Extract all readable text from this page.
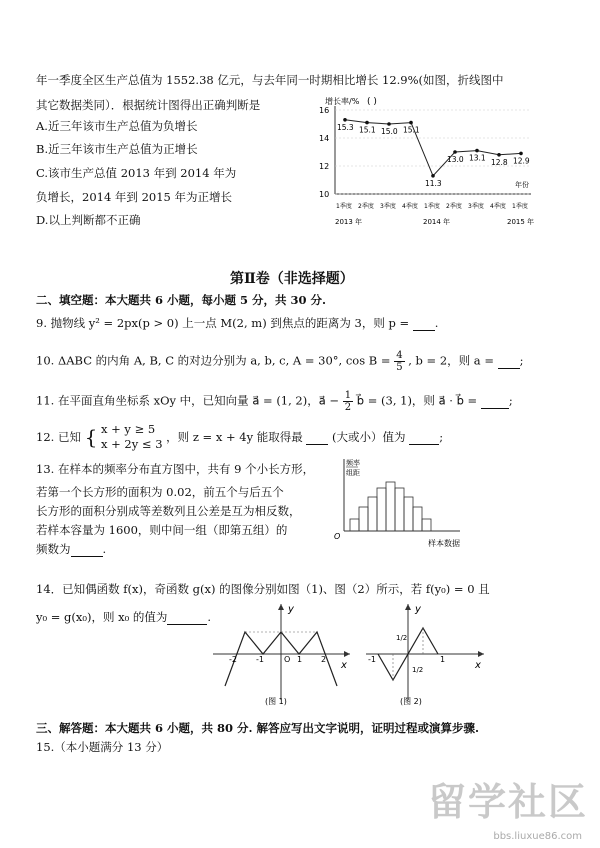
年一季度全区生产总值为 1552.38 亿元，与去年同一时期相比增长 12.9%(如图，折线图中
其它数据类同）．根据统计图得出正确判断是
A.近三年该市生产总值为负增长
B.近三年该市生产总值为正增长
C.该市生产总值 2013 年到 2014 年为
负增长，2014 年到 2015 年为正增长
D.以上判断都不正确
增长率/% ( )
16
14
12
10
15.3 15.1 15.0 15.1
11.3
13.0 13.1 12.8 12.9
1季度 2季度 3季度 4季度 1季度 2季度 3季度 4季度 1季度
年份
2013 年	2014 年	2015 年
第Ⅱ卷（非选择题）
二、填空题：本大题共 6 小题，每小题 5 分，共 30 分.
9. 抛物线 y² = 2px(p > 0) 上一点 M(2, m) 到焦点的距离为 3，则 p = .
10. ΔABC 的内角 A, B, C 的对边分别为 a, b, c, A = 30°, $\cos B = \frac{4}{5}$ , b = 2，则 a = ;
11. 在平面直角坐标系 xOy 中，已知向量 a⃗ = (1, 2)，a⃗ − $\frac{1}{2}$ b⃗ = (3, 1)，则 a⃗ · b⃗ =	;
12. 已知 { x + y ≥ 5
x + 2y ≤ 3 ，则 z = x + 4y 能取得最	(大或小）值为	;
13. 在样本的频率分布直方图中，共有 9 个小长方形，
若第一个长方形的面积为 0.02，前五个与后五个
长方形的面积分别成等差数列且公差是互为相反数，
若样本容量为 1600，则中间一组（即第五组）的
频数为	.
频率
组距
O
样本数据
14．已知偶函数 f(x)，奇函数 g(x) 的图像分别如图（1)、图（2）所示，若 f(y₀) = 0 且
y₀ = g(x₀)，则 x₀ 的值为	.
y
x
-2 -1	O 1 2
(图 1)
y
x
-1	1
1/2
1/2
(图 2)
三、解答题：本大题共 6 小题，共 80 分. 解答应写出文字说明，证明过程或演算步骤.
15.（本小题满分 13 分）
留学社区
bbs.liuxue86.com
